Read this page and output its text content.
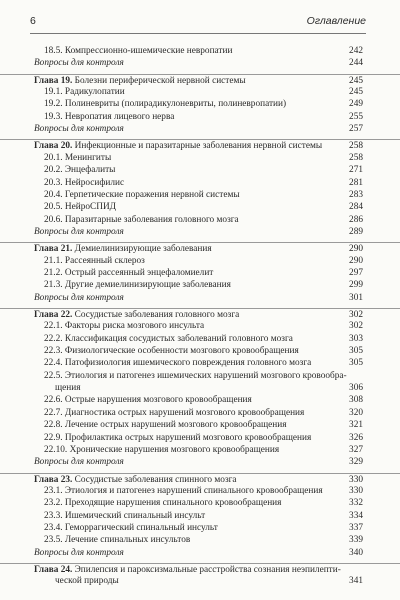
6	Оглавление
18.5. Компрессионно-ишемические невропатии	242
Вопросы для контроля	244
Глава 19. Болезни периферической нервной системы	245
19.1. Радикулопатии	245
19.2. Полиневриты (полирадикулоневриты, полиневропатии)	249
19.3. Невропатия лицевого нерва	255
Вопросы для контроля	257
Глава 20. Инфекционные и паразитарные заболевания нервной системы	258
20.1. Менингиты	258
20.2. Энцефалиты	271
20.3. Нейросифилис	281
20.4. Герпетические поражения нервной системы	283
20.5. НейроСПИД	284
20.6. Паразитарные заболевания головного мозга	286
Вопросы для контроля	289
Глава 21. Демиелинизирующие заболевания	290
21.1. Рассеянный склероз	290
21.2. Острый рассеянный энцефаломиелит	297
21.3. Другие демиелинизирующие заболевания	299
Вопросы для контроля	301
Глава 22. Сосудистые заболевания головного мозга	302
22.1. Факторы риска мозгового инсульта	302
22.2. Классификация сосудистых заболеваний головного мозга	303
22.3. Физиологические особенности мозгового кровообращения	305
22.4. Патофизиология ишемического повреждения головного мозга	305
22.5. Этиология и патогенез ишемических нарушений мозгового кровообра-
щения	306
22.6. Острые нарушения мозгового кровообращения	308
22.7. Диагностика острых нарушений мозгового кровообращения	320
22.8. Лечение острых нарушений мозгового кровообращения	321
22.9. Профилактика острых нарушений мозгового кровообращения	326
22.10. Хронические нарушения мозгового кровообращения	327
Вопросы для контроля	329
Глава 23. Сосудистые заболевания спинного мозга	330
23.1. Этиология и патогенез нарушений спинального кровообращения	330
23.2. Преходящие нарушения спинального кровообращения	332
23.3. Ишемический спинальный инсульт	334
23.4. Геморрагический спинальный инсульт	337
23.5. Лечение спинальных инсультов	339
Вопросы для контроля	340
Глава 24. Эпилепсия и пароксизмальные расстройства сознания неэпилепти-
ческой природы	341
